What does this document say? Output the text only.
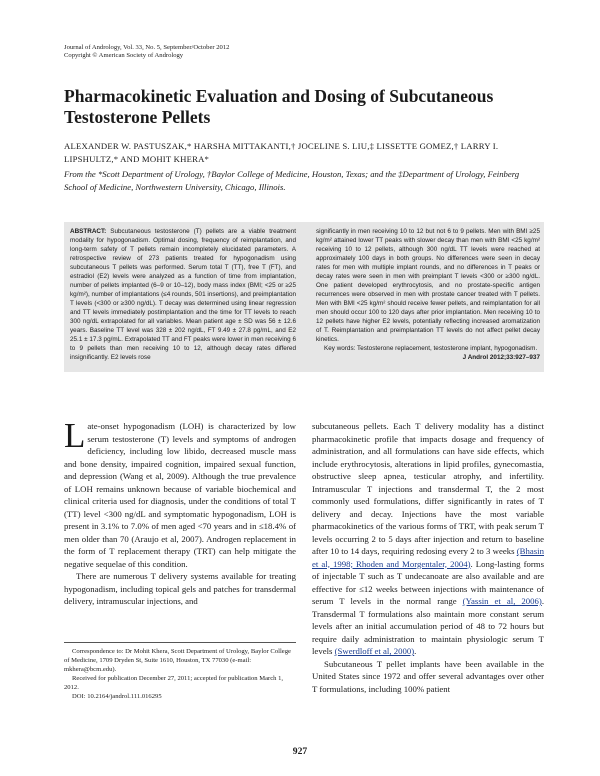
Journal of Andrology, Vol. 33, No. 5, September/October 2012
Copyright © American Society of Andrology
Pharmacokinetic Evaluation and Dosing of Subcutaneous Testosterone Pellets
ALEXANDER W. PASTUSZAK,* HARSHA MITTAKANTI,† JOCELINE S. LIU,‡ LISSETTE GOMEZ,† LARRY I. LIPSHULTZ,* AND MOHIT KHERA*
From the *Scott Department of Urology, †Baylor College of Medicine, Houston, Texas; and the ‡Department of Urology, Feinberg School of Medicine, Northwestern University, Chicago, Illinois.
ABSTRACT: Subcutaneous testosterone (T) pellets are a viable treatment modality for hypogonadism. Optimal dosing, frequency of reimplantation, and long-term safety of T pellets remain incompletely elucidated parameters. A retrospective review of 273 patients treated for hypogonadism using subcutaneous T pellets was performed. Serum total T (TT), free T (FT), and estradiol (E2) levels were analyzed as a function of time from implantation, number of pellets implanted (6–9 or 10–12), body mass index (BMI; <25 or ≥25 kg/m²), number of implantations (≤4 rounds, 501 insertions), and preimplantation T levels (<300 or ≥300 ng/dL). T decay was determined using linear regression and TT levels immediately postimplantation and the time for TT levels to reach 300 ng/dL extrapolated for all variables. Mean patient age ± SD was 56 ± 12.6 years. Baseline TT level was 328 ± 202 ng/dL, FT 9.49 ± 27.8 pg/mL, and E2 25.1 ± 17.3 pg/mL. Extrapolated TT and FT peaks were lower in men receiving 6 to 9 pellets than men receiving 10 to 12, although decay rates differed insignificantly. E2 levels rose
significantly in men receiving 10 to 12 but not 6 to 9 pellets. Men with BMI ≥25 kg/m² attained lower TT peaks with slower decay than men with BMI <25 kg/m² receiving 10 to 12 pellets, although 300 ng/dL TT levels were reached at approximately 100 days in both groups. No differences were seen in decay rates for men with multiple implant rounds, and no differences in T peaks or decay rates were seen in men with preimplant T levels <300 or ≥300 ng/dL. One patient developed erythrocytosis, and no prostate-specific antigen recurrences were observed in men with prostate cancer treated with T pellets. Men with BMI <25 kg/m² should receive fewer pellets, and reimplantation for all men should occur 100 to 120 days after prior implantation. Men receiving 10 to 12 pellets have higher E2 levels, potentially reflecting increased aromatization of T. Reimplantation and preimplantation TT levels do not affect pellet decay kinetics.
Key words: Testosterone replacement, testosterone implant, hypogonadism.
J Androl 2012;33:927–937

Late-onset hypogonadism (LOH) is characterized by low serum testosterone (T) levels and symptoms of androgen deficiency, including low libido, decreased muscle mass and bone density, impaired cognition, impaired sexual function, and depression (Wang et al, 2009). Although the true prevalence of LOH remains unknown because of variable biochemical and clinical criteria used for diagnosis, under the conditions of total T (TT) level <300 ng/dL and symptomatic hypogonadism, LOH is present in 3.1% to 7.0% of men aged <70 years and in ≤18.4% of men older than 70 (Araujo et al, 2007). Androgen replacement in the form of T replacement therapy (TRT) can help mitigate the negative sequelae of this condition.

There are numerous T delivery systems available for treating hypogonadism, including topical gels and patches for transdermal delivery, intramuscular injections, and

subcutaneous pellets. Each T delivery modality has a distinct pharmacokinetic profile that impacts dosage and frequency of administration, and all formulations can have side effects, which include erythrocytosis, alterations in lipid profiles, gynecomastia, obstructive sleep apnea, testicular atrophy, and infertility. Intramuscular T injections and transdermal T, the 2 most commonly used formulations, differ significantly in rates of T delivery and decay. Injections have the most variable pharmacokinetics of the various forms of TRT, with peak serum T levels occurring 2 to 5 days after injection and return to baseline after 10 to 14 days, requiring redosing every 2 to 3 weeks (Bhasin et al, 1998; Rhoden and Morgentaler, 2004). Long-lasting forms of injectable T such as T undecanoate are also available and are effective for ≤12 weeks between injections with maintenance of serum T levels in the normal range (Yassin et al, 2006). Transdermal T formulations also maintain more constant serum levels after an initial accumulation period of 48 to 72 hours but require daily administration to maintain physiologic serum T levels (Swerdloff et al, 2000).

Subcutaneous T pellet implants have been available in the United States since 1972 and offer several advantages over other T formulations, including 100% patient

Correspondence to: Dr Mohit Khera, Scott Department of Urology, Baylor College of Medicine, 1709 Dryden St, Suite 1610, Houston, TX 77030 (e-mail: mkhera@bcm.edu).

Received for publication December 27, 2011; accepted for publication March 1, 2012.

DOI: 10.2164/jandrol.111.016295

927
